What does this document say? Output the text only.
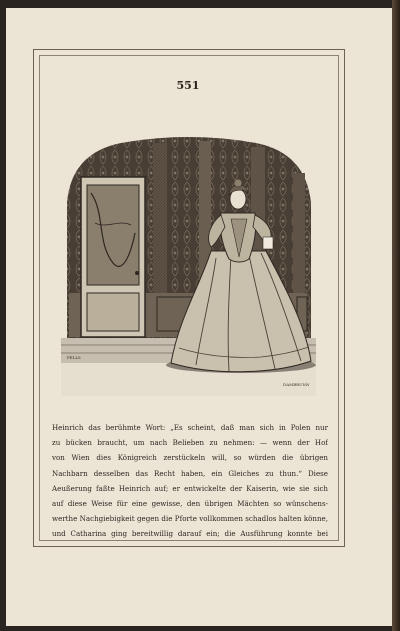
551
FELLS
DAMBRUNN
Heinrich das berühmte Wort: „Es scheint, daß man sich in Polen nur
zu bücken braucht, um nach Belieben zu nehmen: — wenn der Hof
von Wien dies Königreich zerstückeln will, so würden die übrigen
Nachbarn desselben das Recht haben, ein Gleiches zu thun.“ Diese
Aeußerung faßte Heinrich auf; er entwickelte der Kaiserin, wie sie sich
auf diese Weise für eine gewisse, den übrigen Mächten so wünschens-
werthe Nachgiebigkeit gegen die Pforte vollkommen schadlos halten könne,
und Catharina ging bereitwillig darauf ein; die Ausführung konnte bei
